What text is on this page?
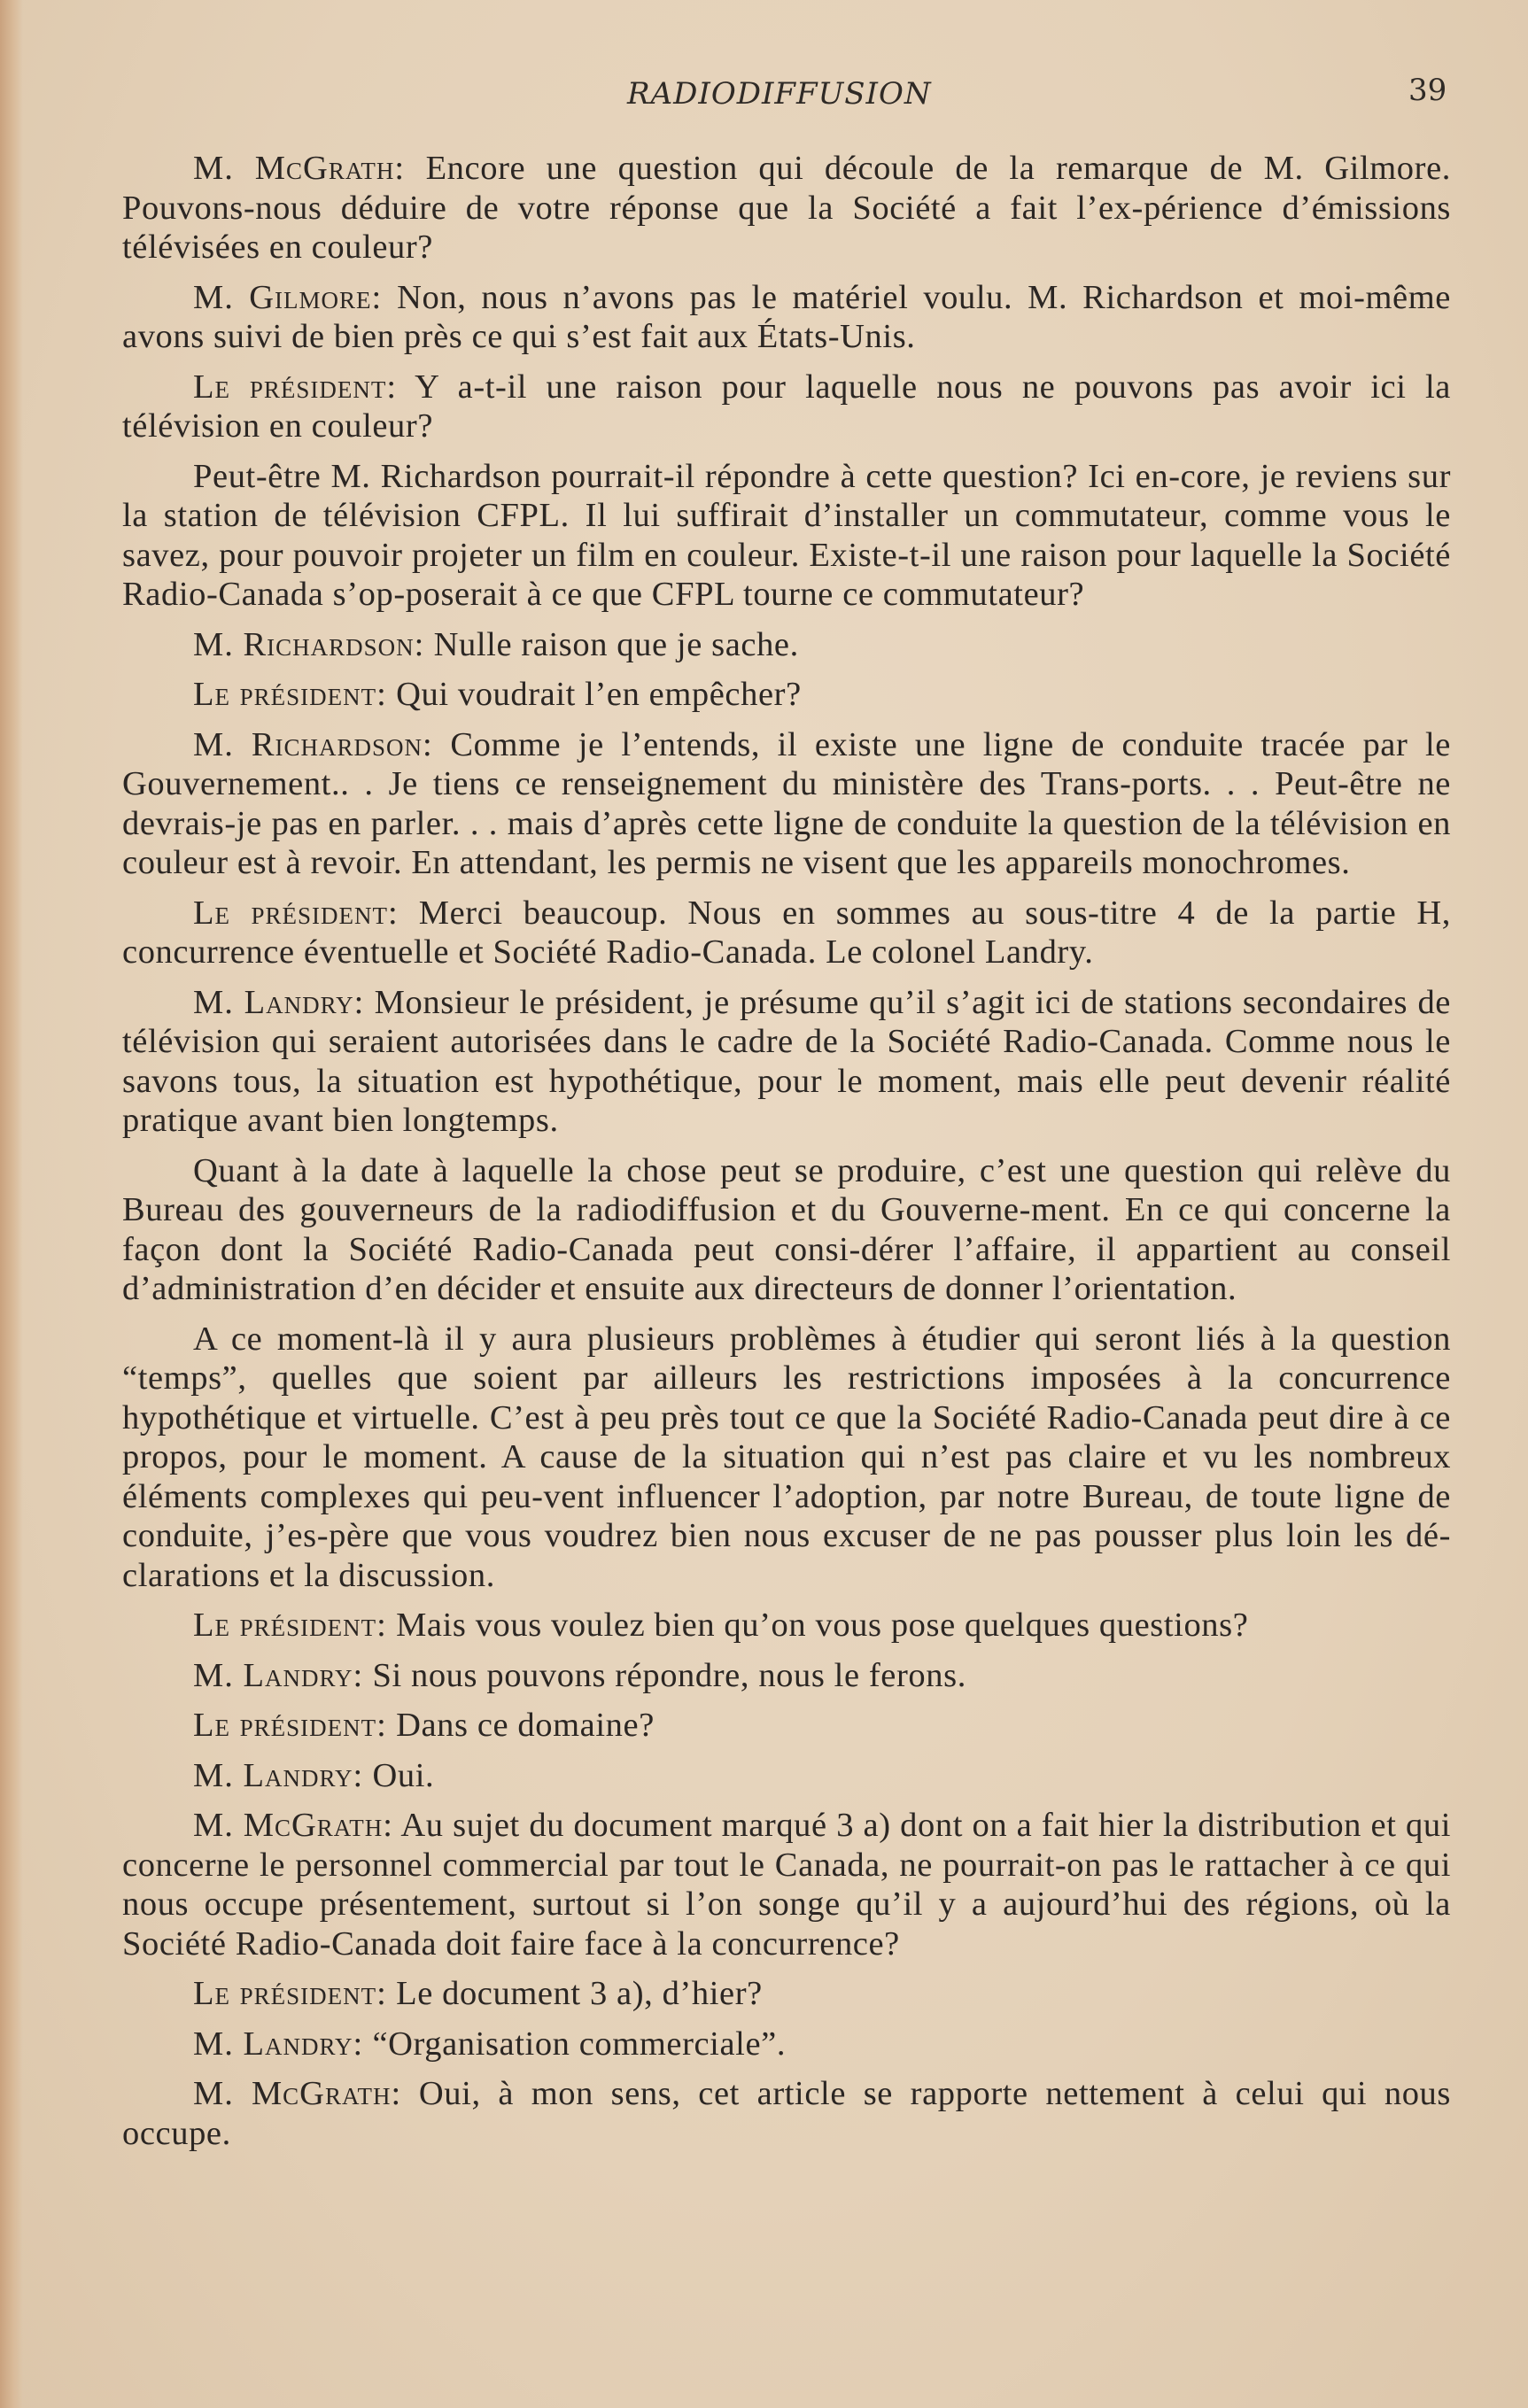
RADIODIFFUSION	39

M. McGrath: Encore une question qui découle de la remarque de M. Gilmore. Pouvons-nous déduire de votre réponse que la Société a fait l’ex-périence d’émissions télévisées en couleur?

M. Gilmore: Non, nous n’avons pas le matériel voulu. M. Richardson et moi-même avons suivi de bien près ce qui s’est fait aux États-Unis.

Le président: Y a-t-il une raison pour laquelle nous ne pouvons pas avoir ici la télévision en couleur?

Peut-être M. Richardson pourrait-il répondre à cette question? Ici en-core, je reviens sur la station de télévision CFPL. Il lui suffirait d’installer un commutateur, comme vous le savez, pour pouvoir projeter un film en couleur. Existe-t-il une raison pour laquelle la Société Radio-Canada s’op-poserait à ce que CFPL tourne ce commutateur?

M. Richardson: Nulle raison que je sache.

Le président: Qui voudrait l’en empêcher?

M. Richardson: Comme je l’entends, il existe une ligne de conduite tracée par le Gouvernement.. . Je tiens ce renseignement du ministère des Trans-ports. . . Peut-être ne devrais-je pas en parler. . . mais d’après cette ligne de conduite la question de la télévision en couleur est à revoir. En attendant, les permis ne visent que les appareils monochromes.

Le président: Merci beaucoup. Nous en sommes au sous-titre 4 de la partie H, concurrence éventuelle et Société Radio-Canada. Le colonel Landry.

M. Landry: Monsieur le président, je présume qu’il s’agit ici de stations secondaires de télévision qui seraient autorisées dans le cadre de la Société Radio-Canada. Comme nous le savons tous, la situation est hypothétique, pour le moment, mais elle peut devenir réalité pratique avant bien longtemps.

Quant à la date à laquelle la chose peut se produire, c’est une question qui relève du Bureau des gouverneurs de la radiodiffusion et du Gouverne-ment. En ce qui concerne la façon dont la Société Radio-Canada peut consi-dérer l’affaire, il appartient au conseil d’administration d’en décider et ensuite aux directeurs de donner l’orientation.

A ce moment-là il y aura plusieurs problèmes à étudier qui seront liés à la question “temps”, quelles que soient par ailleurs les restrictions imposées à la concurrence hypothétique et virtuelle. C’est à peu près tout ce que la Société Radio-Canada peut dire à ce propos, pour le moment. A cause de la situation qui n’est pas claire et vu les nombreux éléments complexes qui peu-vent influencer l’adoption, par notre Bureau, de toute ligne de conduite, j’es-père que vous voudrez bien nous excuser de ne pas pousser plus loin les dé-clarations et la discussion.

Le président: Mais vous voulez bien qu’on vous pose quelques questions?

M. Landry: Si nous pouvons répondre, nous le ferons.

Le président: Dans ce domaine?

M. Landry: Oui.

M. McGrath: Au sujet du document marqué 3 a) dont on a fait hier la distribution et qui concerne le personnel commercial par tout le Canada, ne pourrait-on pas le rattacher à ce qui nous occupe présentement, surtout si l’on songe qu’il y a aujourd’hui des régions, où la Société Radio-Canada doit faire face à la concurrence?

Le président: Le document 3 a), d’hier?

M. Landry: “Organisation commerciale”.

M. McGrath: Oui, à mon sens, cet article se rapporte nettement à celui qui nous occupe.
